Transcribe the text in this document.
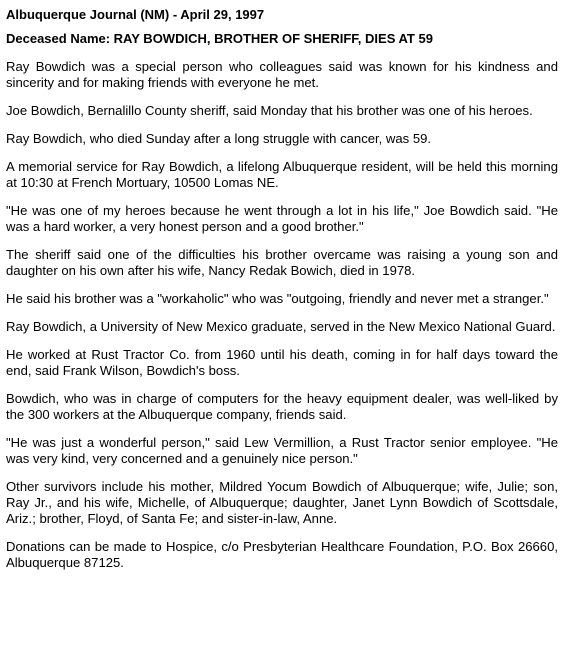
Albuquerque Journal (NM) - April 29, 1997
Deceased Name: RAY BOWDICH, BROTHER OF SHERIFF, DIES AT 59

Ray Bowdich was a special person who colleagues said was known for his kindness and sincerity and for making friends with everyone he met.

Joe Bowdich, Bernalillo County sheriff, said Monday that his brother was one of his heroes.

Ray Bowdich, who died Sunday after a long struggle with cancer, was 59.

A memorial service for Ray Bowdich, a lifelong Albuquerque resident, will be held this morning at 10:30 at French Mortuary, 10500 Lomas NE.

"He was one of my heroes because he went through a lot in his life," Joe Bowdich said. "He was a hard worker, a very honest person and a good brother."

The sheriff said one of the difficulties his brother overcame was raising a young son and daughter on his own after his wife, Nancy Redak Bowich, died in 1978.

He said his brother was a "workaholic" who was "outgoing, friendly and never met a stranger."

Ray Bowdich, a University of New Mexico graduate, served in the New Mexico National Guard.

He worked at Rust Tractor Co. from 1960 until his death, coming in for half days toward the end, said Frank Wilson, Bowdich's boss.

Bowdich, who was in charge of computers for the heavy equipment dealer, was well-liked by the 300 workers at the Albuquerque company, friends said.

"He was just a wonderful person," said Lew Vermillion, a Rust Tractor senior employee. "He was very kind, very concerned and a genuinely nice person."

Other survivors include his mother, Mildred Yocum Bowdich of Albuquerque; wife, Julie; son, Ray Jr., and his wife, Michelle, of Albuquerque; daughter, Janet Lynn Bowdich of Scottsdale, Ariz.; brother, Floyd, of Santa Fe; and sister-in-law, Anne.

Donations can be made to Hospice, c/o Presbyterian Healthcare Foundation, P.O. Box 26660, Albuquerque 87125.
